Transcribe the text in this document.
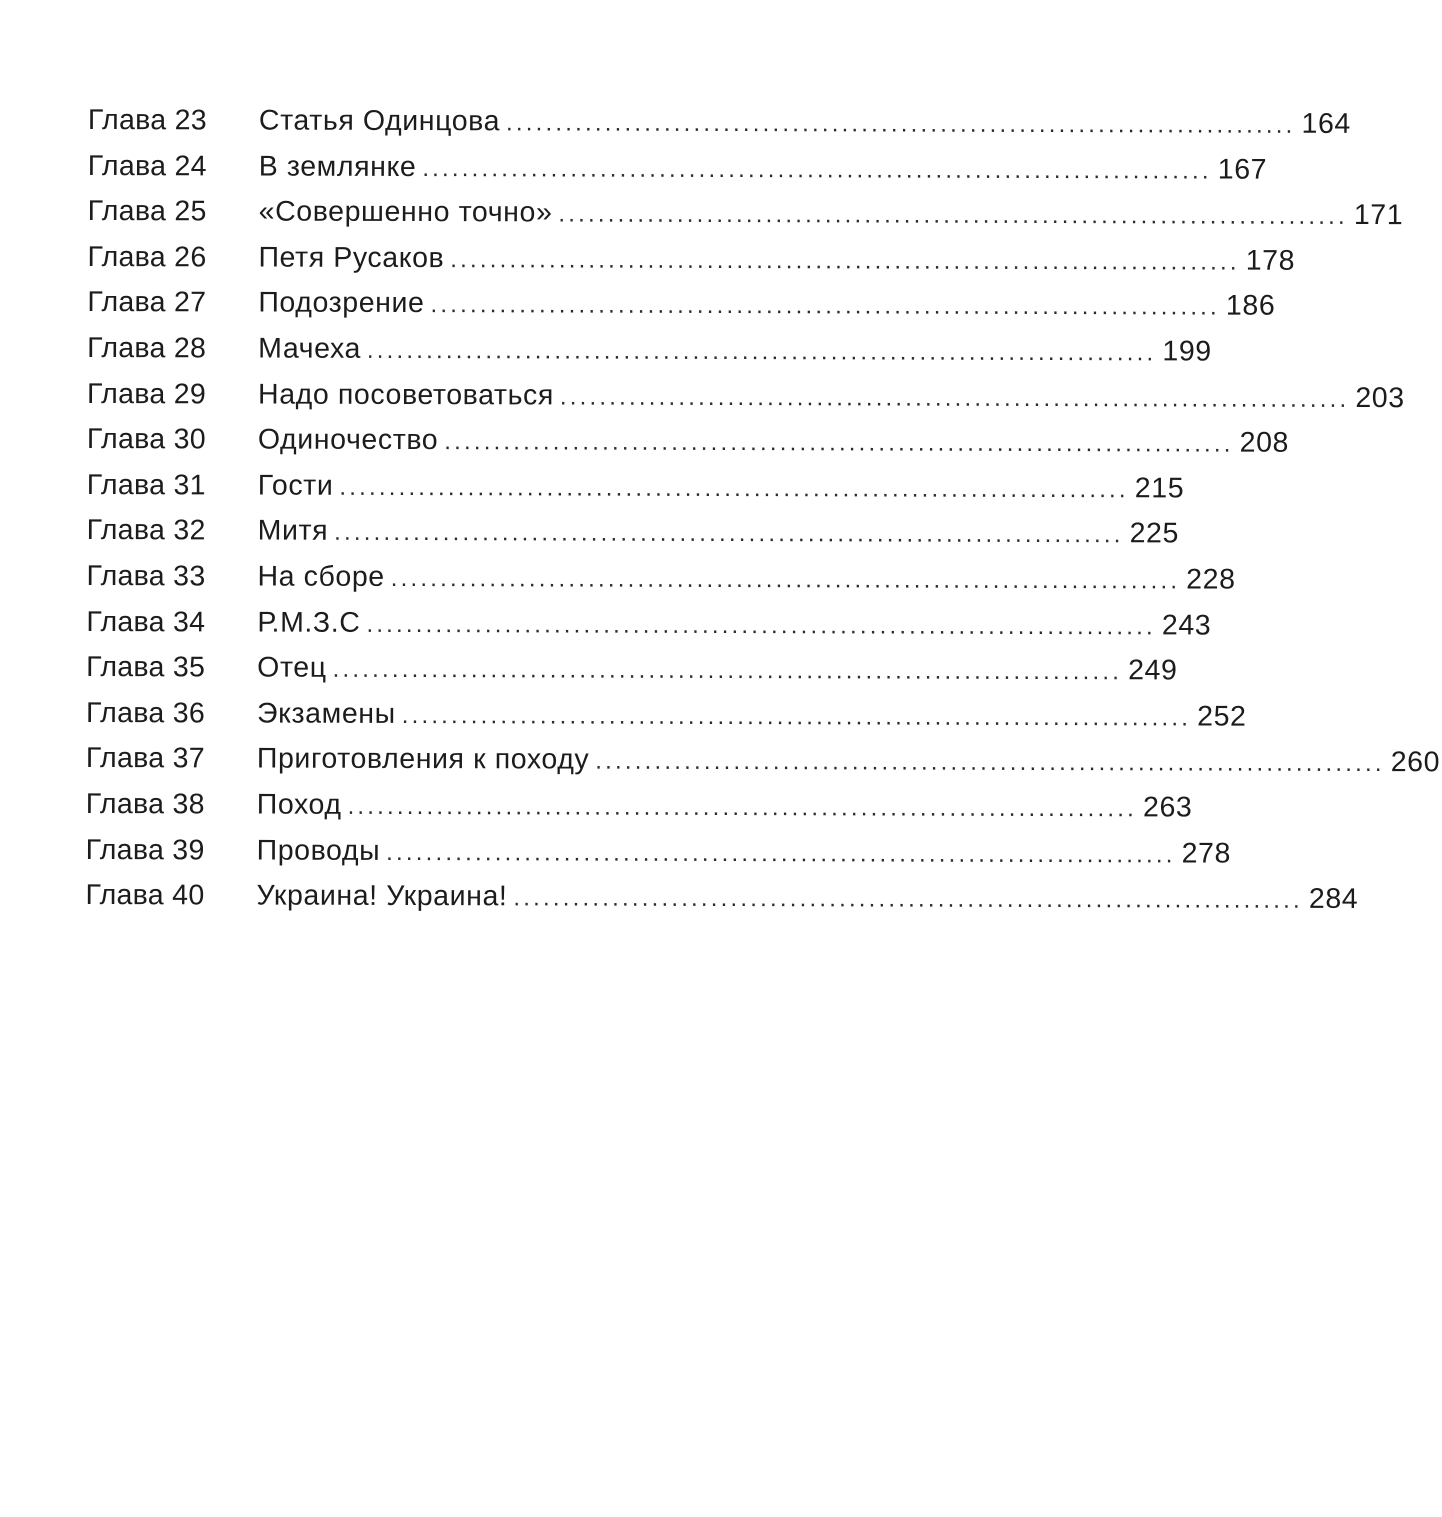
Глава 23	Статья Одинцова ................................................................................ 164
Глава 24	В землянке ................................................................................ 167
Глава 25	«Совершенно точно» ................................................................................ 171
Глава 26	Петя Русаков ................................................................................ 178
Глава 27	Подозрение ................................................................................ 186
Глава 28	Мачеха ................................................................................ 199
Глава 29	Надо посоветоваться ................................................................................ 203
Глава 30	Одиночество ................................................................................ 208
Глава 31	Гости ................................................................................ 215
Глава 32	Митя ................................................................................ 225
Глава 33	На сборе ................................................................................ 228
Глава 34	Р.М.З.С ................................................................................ 243
Глава 35	Отец ................................................................................ 249
Глава 36	Экзамены ................................................................................ 252
Глава 37	Приготовления к походу ................................................................................ 260
Глава 38	Поход ................................................................................ 263
Глава 39	Проводы ................................................................................ 278
Глава 40	Украина! Украина! ................................................................................ 284
